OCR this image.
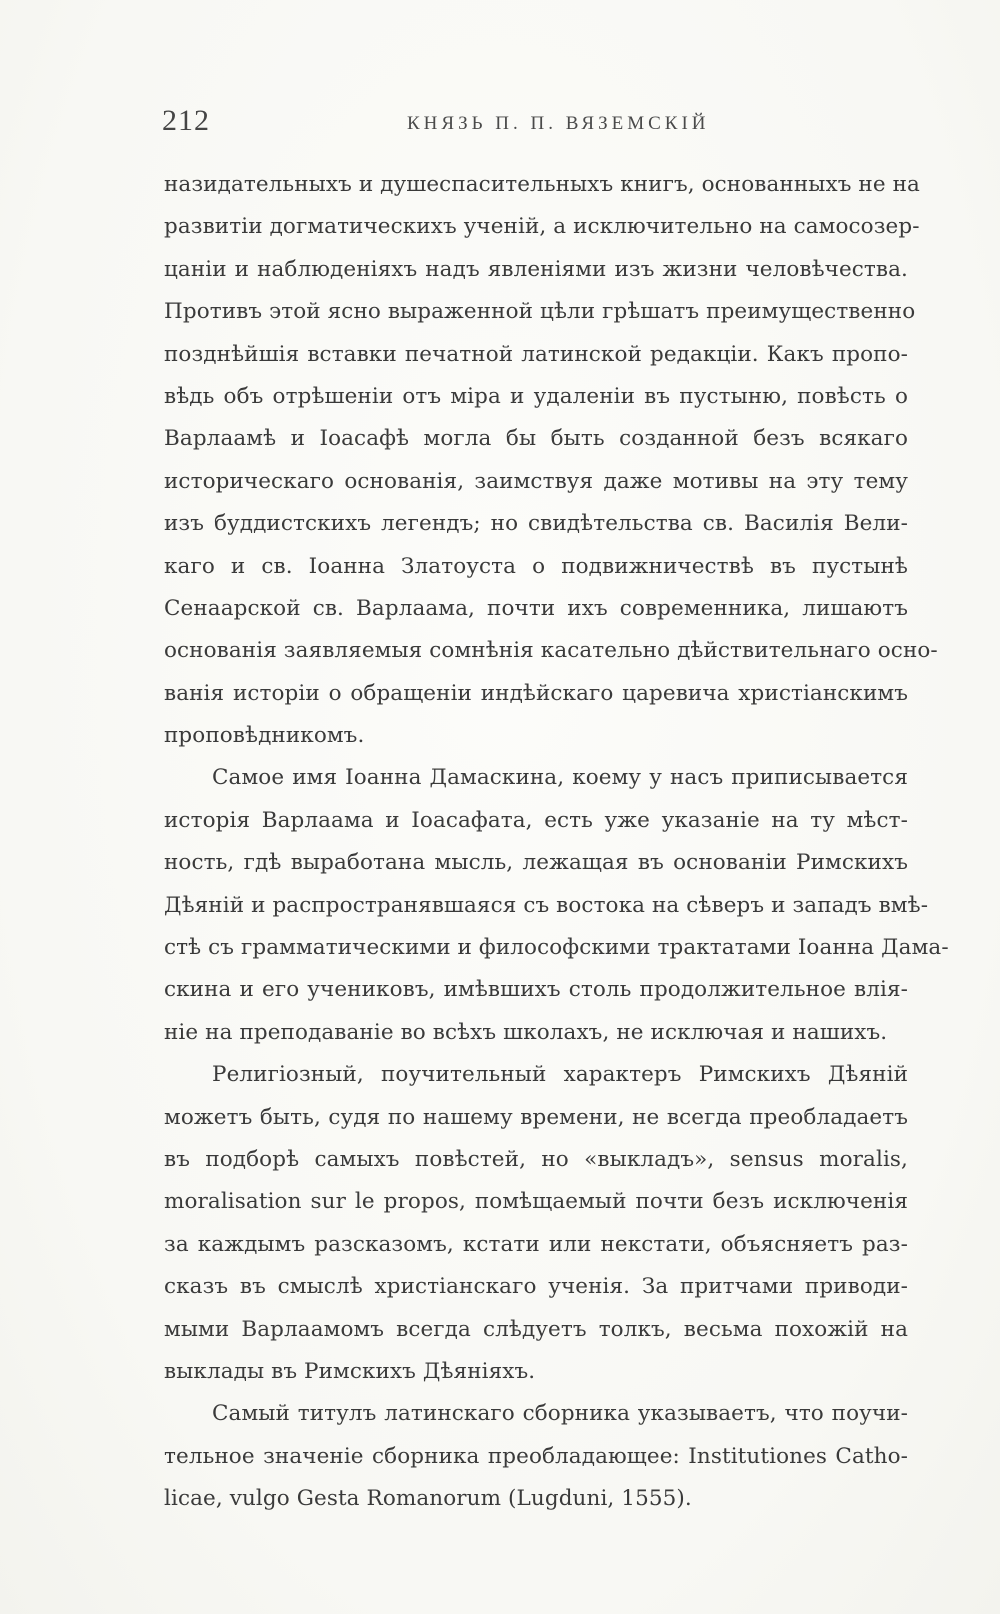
212	КНЯЗЬ П. П. ВЯЗЕМСКІЙ
назидательныхъ и душеспасительныхъ книгъ, основанныхъ не на
развитіи догматическихъ ученій, а исключительно на самосозер-
цаніи и наблюденіяхъ надъ явленіями изъ жизни человѣчества.
Противъ этой ясно выраженной цѣли грѣшатъ преимущественно
позднѣйшія вставки печатной латинской редакціи. Какъ пропо-
вѣдь объ отрѣшеніи отъ міра и удаленіи въ пустыню, повѣсть о
Варлаамѣ и Іоасафѣ могла бы быть созданной безъ всякаго
историческаго основанія, заимствуя даже мотивы на эту тему
изъ буддистскихъ легендъ; но свидѣтельства св. Василія Вели-
каго и св. Іоанна Златоуста о подвижничествѣ въ пустынѣ
Сенаарской св. Варлаама, почти ихъ современника, лишаютъ
основанія заявляемыя сомнѣнія касательно дѣйствительнаго осно-
ванія исторіи о обращеніи индѣйскаго царевича христіанскимъ
проповѣдникомъ.
Самое имя Іоанна Дамаскина, коему у насъ приписывается
исторія Варлаама и Іоасафата, есть уже указаніе на ту мѣст-
ность, гдѣ выработана мысль, лежащая въ основаніи Римскихъ
Дѣяній и распространявшаяся съ востока на сѣверъ и западъ вмѣ-
стѣ съ грамматическими и философскими трактатами Іоанна Дама-
скина и его учениковъ, имѣвшихъ столь продолжительное влія-
ніе на преподаваніе во всѣхъ школахъ, не исключая и нашихъ.
Религіозный, поучительный характеръ Римскихъ Дѣяній
можетъ быть, судя по нашему времени, не всегда преобладаетъ
въ подборѣ самыхъ повѣстей, но «выкладъ», sensus moralis,
moralisation sur le propos, помѣщаемый почти безъ исключенія
за каждымъ разсказомъ, кстати или некстати, объясняетъ раз-
сказъ въ смыслѣ христіанскаго ученія. За притчами приводи-
мыми Варлаамомъ всегда слѣдуетъ толкъ, весьма похожій на
выклады въ Римскихъ Дѣяніяхъ.
Самый титулъ латинскаго сборника указываетъ, что поучи-
тельное значеніе сборника преобладающее: Institutiones Catho-
licae, vulgo Gesta Romanorum (Lugduni, 1555).
